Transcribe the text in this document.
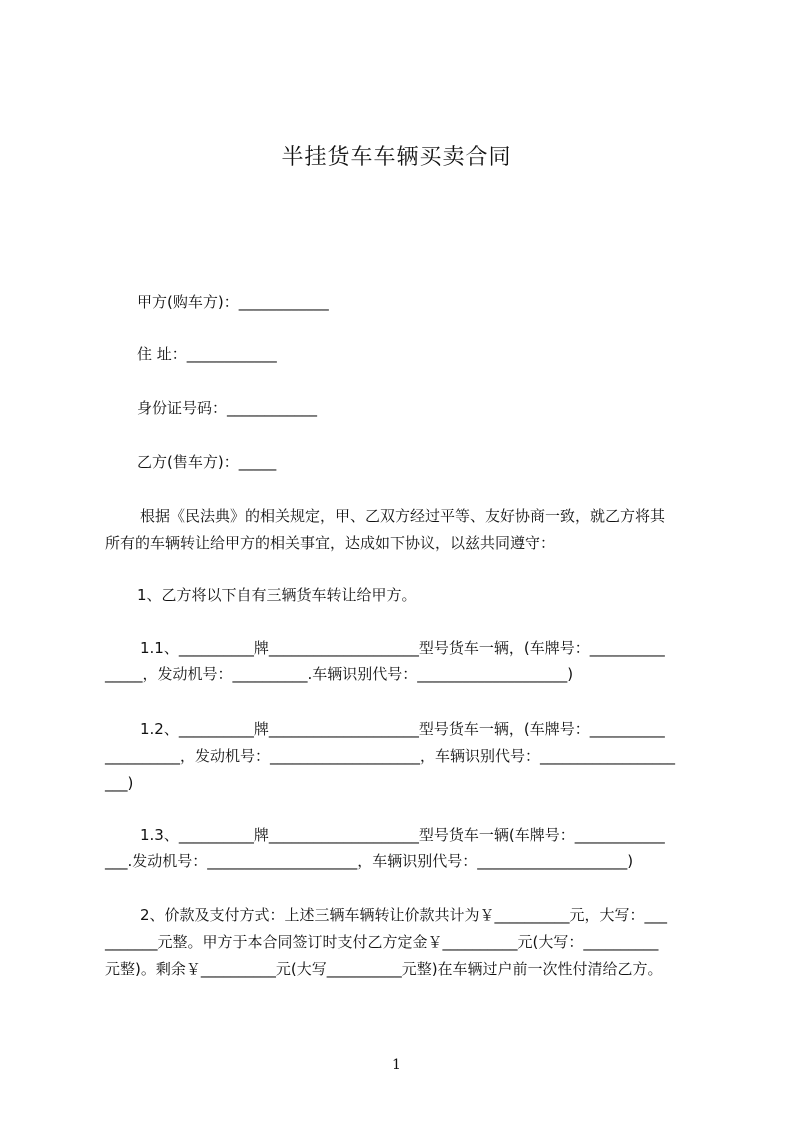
半挂货车车辆买卖合同
甲方(购车方)：____________
住 址：____________
身份证号码：____________
乙方(售车方)：_____
根据《民法典》的相关规定，甲、乙双方经过平等、友好协商一致，就乙方将其
所有的车辆转让给甲方的相关事宜，达成如下协议，以兹共同遵守：
1、乙方将以下自有三辆货车转让给甲方。
1.1、__________牌____________________型号货车一辆，(车牌号：__________
_____，发动机号：__________.车辆识别代号：____________________)
1.2、__________牌____________________型号货车一辆，(车牌号：__________
__________，发动机号：____________________，车辆识别代号：__________________
___)
1.3、__________牌____________________型号货车一辆(车牌号：____________
___.发动机号：____________________，车辆识别代号：____________________)
2、价款及支付方式：上述三辆车辆转让价款共计为￥__________元，大写：___
_______元整。甲方于本合同签订时支付乙方定金￥__________元(大写：__________
元整)。剩余￥__________元(大写__________元整)在车辆过户前一次性付清给乙方。
1
